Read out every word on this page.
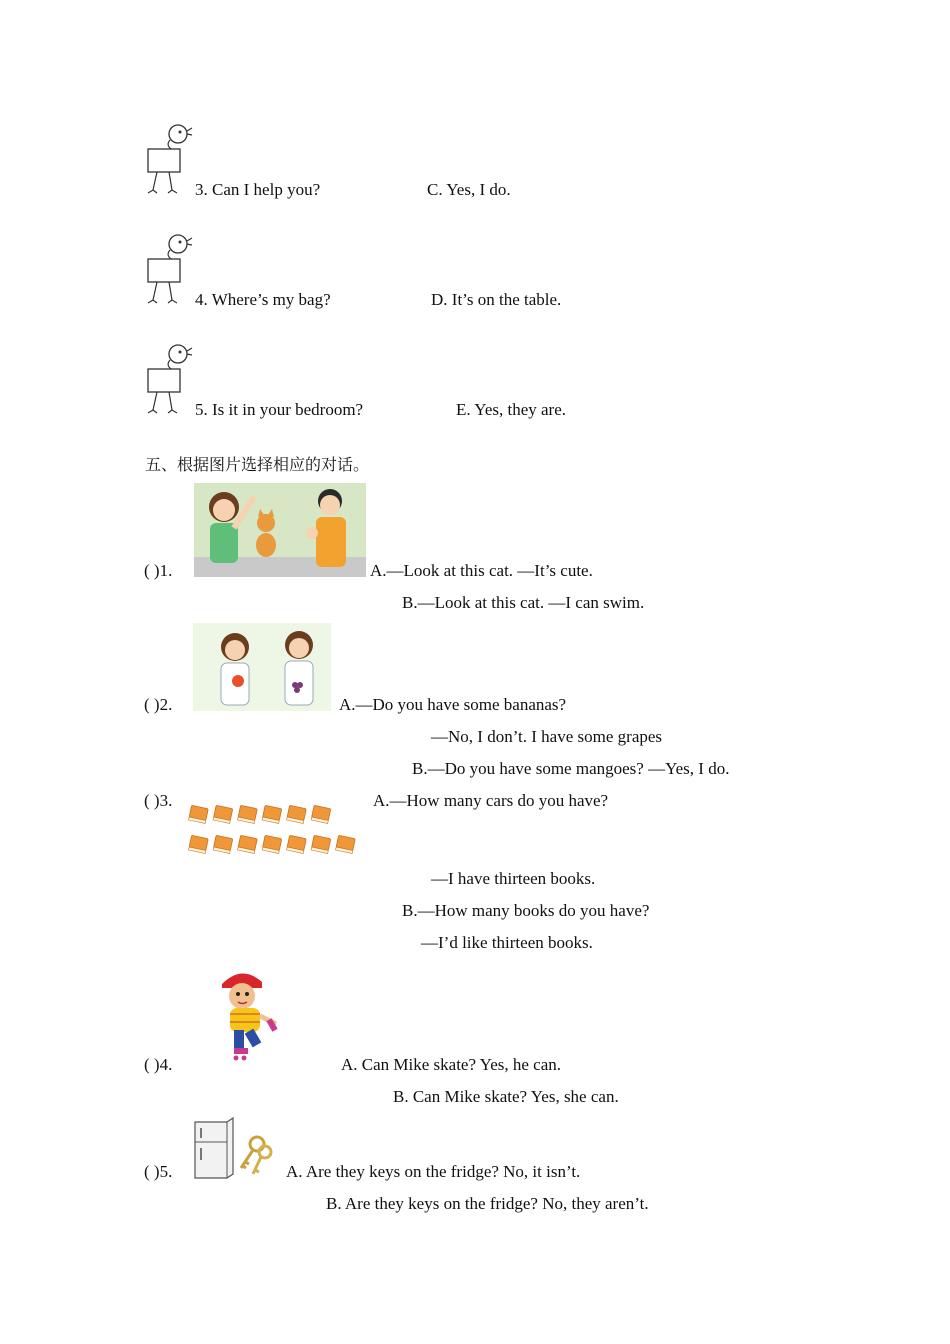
3. Can I help you?	C. Yes, I do.
4. Where’s my bag?	D. It’s on the table.
5. Is it in your bedroom?	E. Yes, they are.
五、根据图片选择相应的对话。
( )1.	A.—Look at this cat. —It’s cute.
B.—Look at this cat. —I can swim.
( )2.	A.—Do you have some bananas?
—No, I don’t. I have some grapes
B.—Do you have some mangoes? —Yes, I do.
( )3.	A.—How many cars do you have?
—I have thirteen books.
B.—How many books do you have?
—I’d like thirteen books.
( )4.	A. Can Mike skate? Yes, he can.
B. Can Mike skate? Yes, she can.
( )5.	A. Are they keys on the fridge? No, it isn’t.
B. Are they keys on the fridge? No, they aren’t.
